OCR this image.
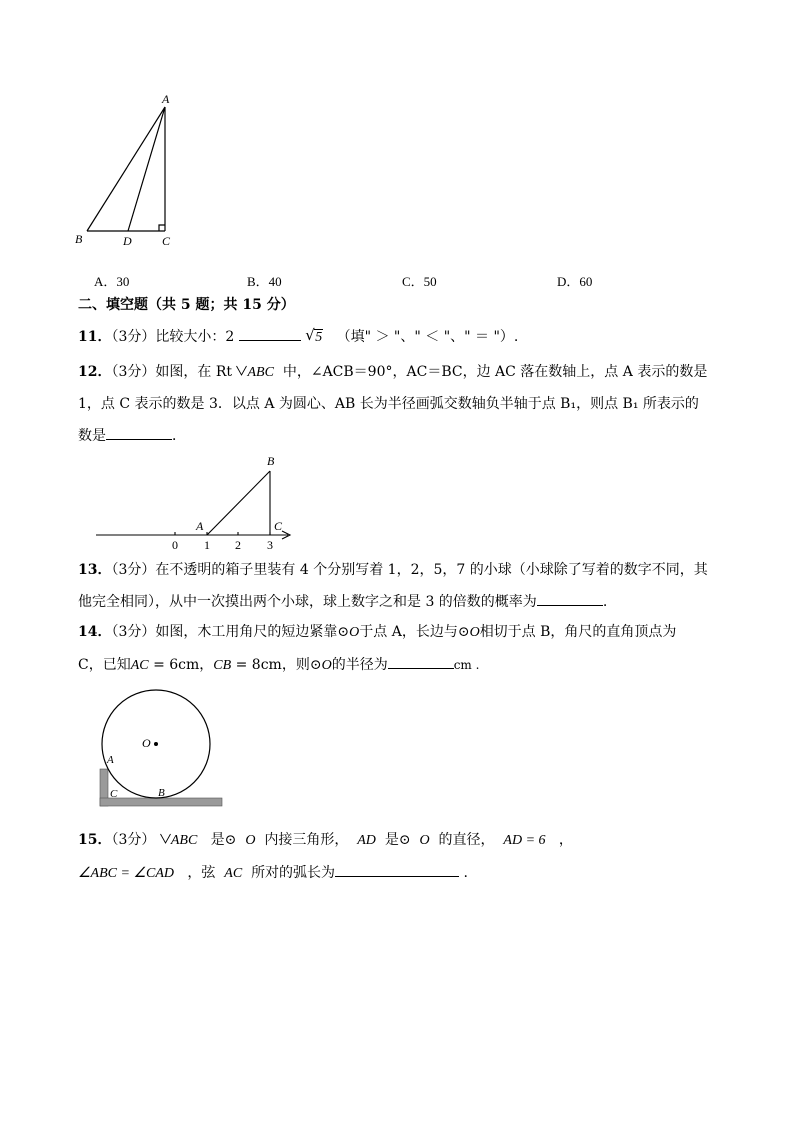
A
B	D	C
A．30	B．40	C．50	D．60
二、填空题（共 5 题；共 15 分）
11．（3分）比较大小：2	√ 5 （填" ＞ "、" ＜ "、" ＝ "）.
12．（3分）如图，在 Rt ABC 中，∠ACB＝90°，AC＝BC，边 AC 落在数轴上，点 A 表示的数是
1，点 C 表示的数是 3．以点 A 为圆心、AB 长为半径画弧交数轴负半轴于点 B₁，则点 B₁ 所表示的
数是	．
0 1 2 3
A
B
C
13．（3分）在不透明的箱子里装有 4 个分别写着 1，2，5，7 的小球（小球除了写着的数字不同，其
他完全相同），从中一次摸出两个小球，球上数字之和是 3 的倍数的概率为	.
14．（3分）如图，木工用角尺的短边紧靠⊙O于点 A，长边与⊙O相切于点 B，角尺的直角顶点为
C，已知AC = 6cm，CB = 8cm，则⊙O的半径为	cm .
O
A
C	B
15．（3分） ABC 是⊙ O 内接三角形， AD 是⊙ O 的直径， AD = 6 ，
∠ABC = ∠CAD ，弦 AC 所对的弧长为	.
